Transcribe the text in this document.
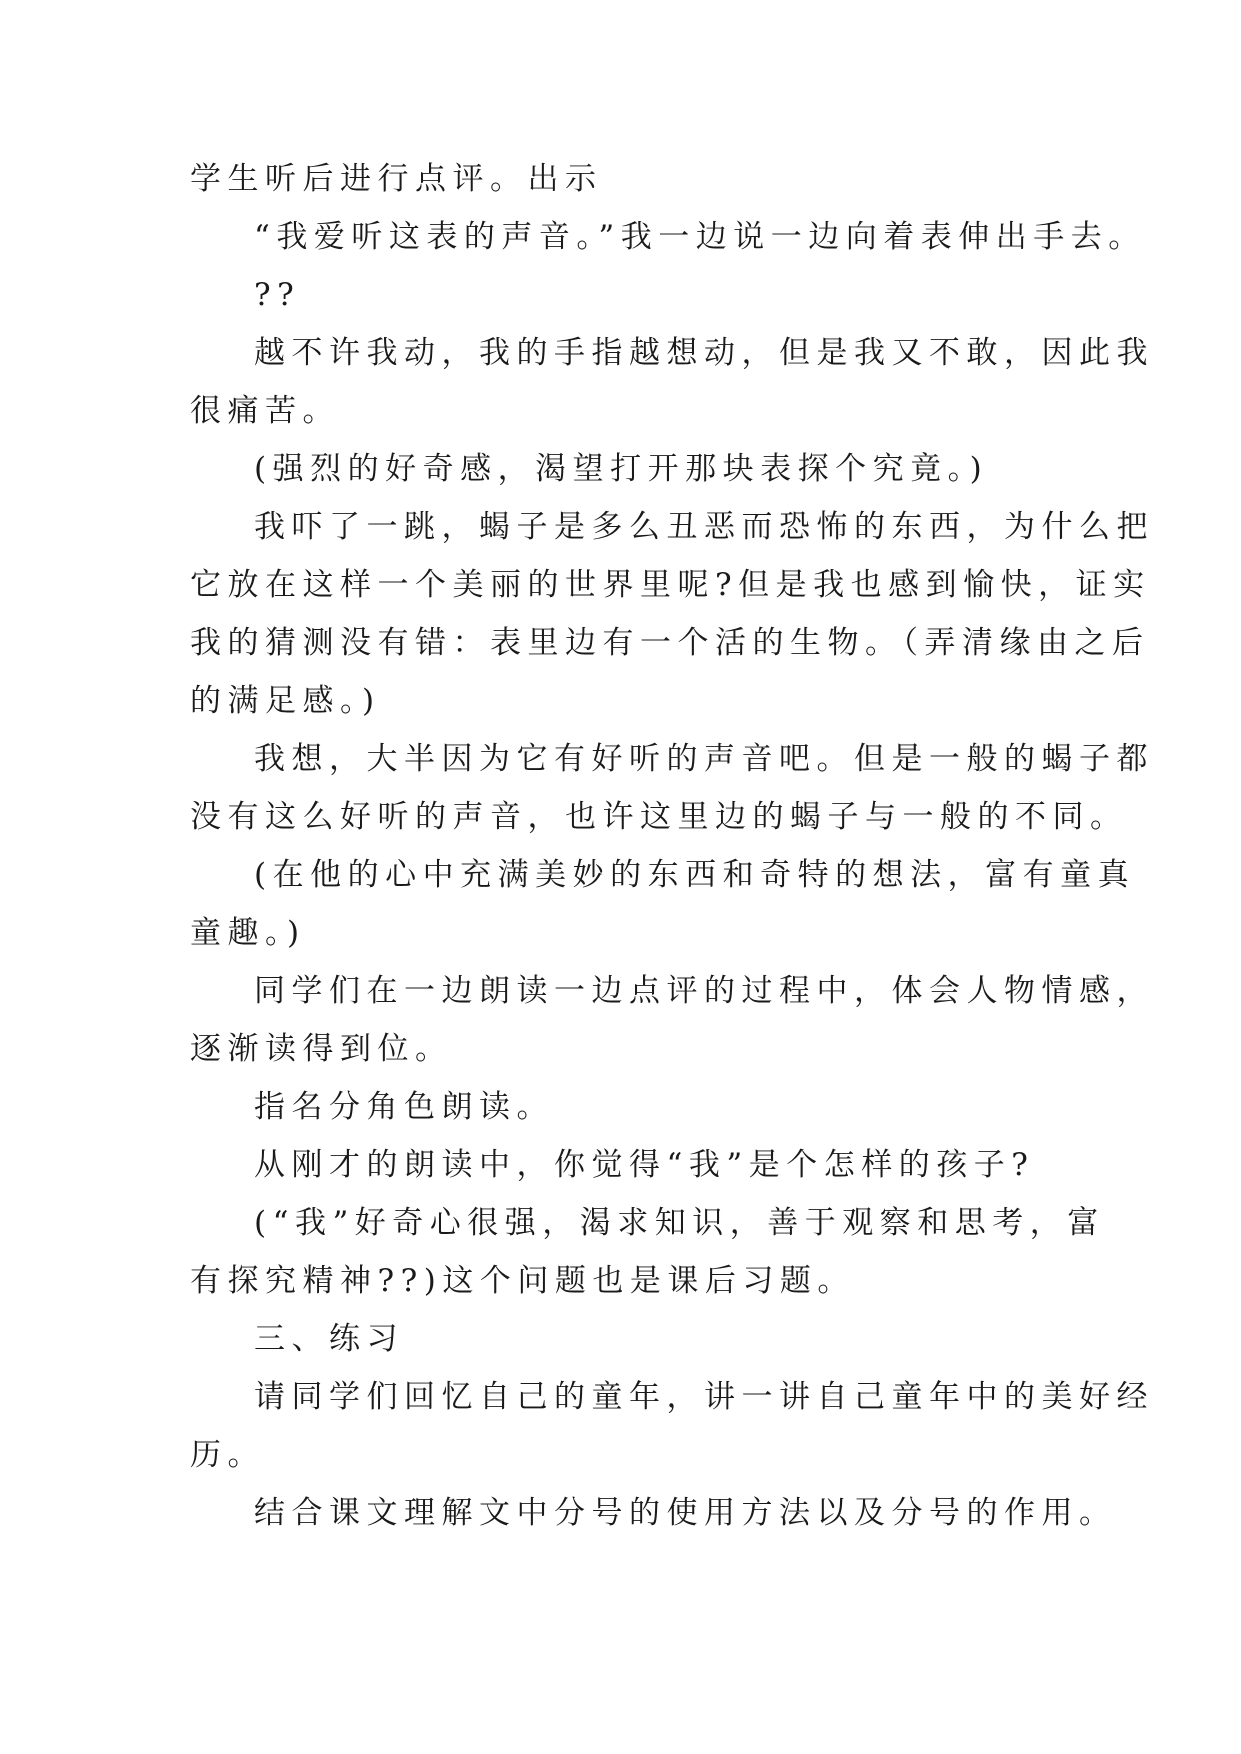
学生听后进行点评。出示

“我爱听这表的声音。”我一边说一边向着表伸出手去。

??

越不许我动，我的手指越想动，但是我又不敢，因此我

很痛苦。

(强烈的好奇感，渴望打开那块表探个究竟。)

我吓了一跳，蝎子是多么丑恶而恐怖的东西，为什么把

它放在这样一个美丽的世界里呢?但是我也感到愉快，证实

我的猜测没有错：表里边有一个活的生物。（弄清缘由之后

的满足感。)

我想，大半因为它有好听的声音吧。但是一般的蝎子都

没有这么好听的声音，也许这里边的蝎子与一般的不同。

(在他的心中充满美妙的东西和奇特的想法，富有童真

童趣。)

同学们在一边朗读一边点评的过程中，体会人物情感，

逐渐读得到位。

指名分角色朗读。

从刚才的朗读中，你觉得“我”是个怎样的孩子?

(“我”好奇心很强，渴求知识，善于观察和思考，富

有探究精神??)这个问题也是课后习题。

三、练习

请同学们回忆自己的童年，讲一讲自己童年中的美好经

历。

结合课文理解文中分号的使用方法以及分号的作用。
